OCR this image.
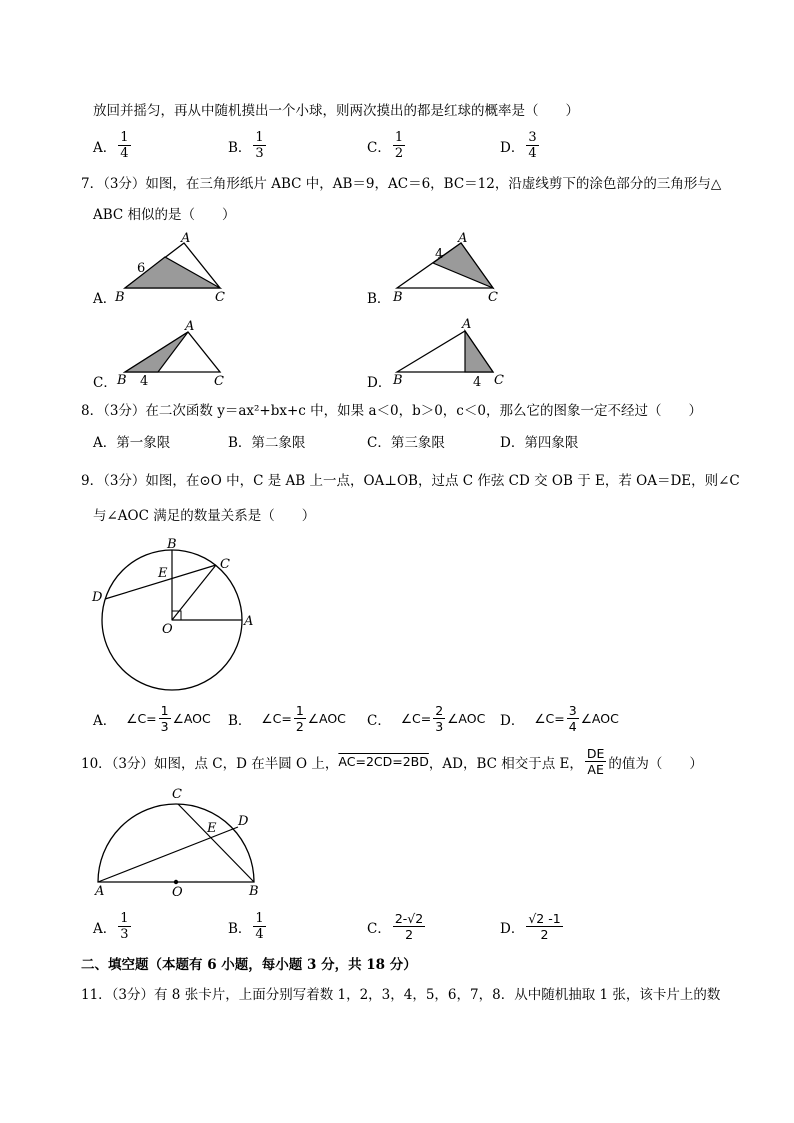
放回并摇匀，再从中随机摸出一个小球，则两次摸出的都是红球的概率是（　　）
A． $\frac{1}{4}$	B． $\frac{1}{3}$	C． $\frac{1}{2}$	D． $\frac{3}{4}$
7．（3分）如图，在三角形纸片 ABC 中，AB＝9，AC＝6，BC＝12，沿虚线剪下的涂色部分的三角形与△
ABC 相似的是（　　）
A．
A
B	C
6
B．
A
B	C
4
C．
A
B	C
4	D．
A
B	C
4
8．（3分）在二次函数 y＝ax²+bx+c 中，如果 a＜0，b＞0，c＜0，那么它的图象一定不经过（　　）
A．第一象限	B．第二象限	C．第三象限	D．第四象限
9．（3分）如图，在⊙O 中，C 是 AB 上一点，OA⊥OB，过点 C 作弦 CD 交 OB 于 E，若 OA＝DE，则∠C
与∠AOC 满足的数量关系是（　　）
B
C
D
E
O
A
A． ∠C= $\frac{1}{3}$ ∠AOC B． ∠C= $\frac{1}{2}$ ∠AOC C． ∠C= $\frac{2}{3}$ ∠AOC D． ∠C= $\frac{3}{4}$ ∠AOC
10．（3分）如图，点 C，D 在半圆 O 上， AC=2CD=2BD ，AD，BC 相交于点 E， $\frac{DE}{AE}$ 的值为（　　）
C
D
E
A	O	B
A． $\frac{1}{3}$	B． $\frac{1}{4}$	C． $\frac{2-√2}{2}$	D． $\frac{√2 -1}{2}$
二、填空题（本题有 6 小题，每小题 3 分，共 18 分）
11．（3分）有 8 张卡片，上面分别写着数 1，2，3，4，5，6，7，8．从中随机抽取 1 张，该卡片上的数
